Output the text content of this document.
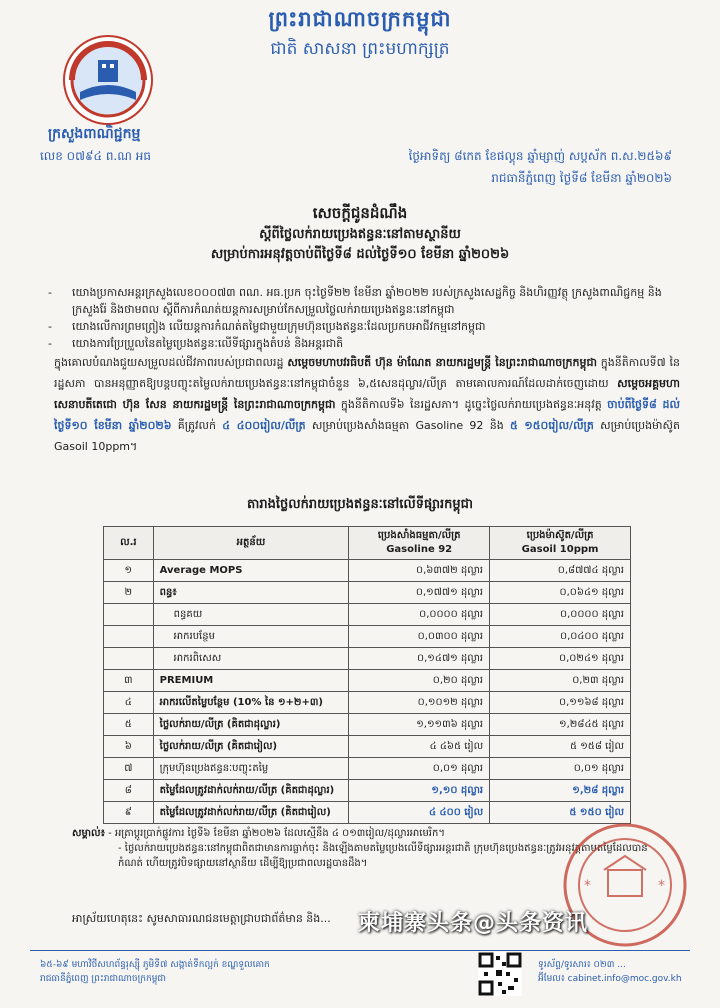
ព្រះរាជាណាចក្រកម្ពុជា
ជាតិ សាសនា ព្រះមហាក្សត្រ
ក្រសួងពាណិជ្ជកម្ម
លេខ ០៧៩៤ ព.ណ អធ	ថ្ងៃអាទិត្យ ៨កេត ខែផល្គុន ឆ្នាំម្សាញ់ សប្តស័ក ព.ស.២៥៦៩
រាជធានីភ្នំពេញ ថ្ងៃទី៨ ខែមីនា ឆ្នាំ២០២៦
សេចក្តីជូនដំណឹង
ស្តីពីថ្លៃលក់រាយប្រេងឥន្ធនៈនៅតាមស្ថានីយ
សម្រាប់ការអនុវត្តចាប់ពីថ្ងៃទី៨ ដល់ថ្ងៃទី១០ ខែមីនា ឆ្នាំ២០២៦
- យោងប្រកាសអន្តរក្រសួងលេខ០០០៧៣ ពណ. អធ.ប្រក ចុះថ្ងៃទី២២ ខែមីនា ឆ្នាំ២០២២ របស់ក្រសួងសេដ្ឋកិច្ច និងហិរញ្ញវត្ថុ ក្រសួងពាណិជ្ជកម្ម និងក្រសួងរ៉ែ និងថាមពល ស្តីពីការកំណត់យន្តការសម្រាប់កែសម្រួលថ្លៃលក់រាយប្រេងឥន្ធនៈនៅកម្ពុជា
- យោងលើការព្រមព្រៀង លើយន្តការកំណត់តម្លៃជាមួយក្រុមហ៊ុនប្រេងឥន្ធនៈដែលប្រកបអាជីវកម្មនៅកម្ពុជា
- យោងការប្រែប្រួលនៃតម្លៃប្រេងឥន្ធនៈលើទីផ្សារក្នុងតំបន់ និងអន្តរជាតិ
ក្នុងគោលបំណងជួយសម្រួលដល់ជីវភាពរបស់ប្រជាពលរដ្ឋ សម្តេចមហាបវរធិបតី ហ៊ុន ម៉ាណែត នាយករដ្ឋមន្ត្រី នៃព្រះរាជាណាចក្រកម្ពុជា ក្នុងនីតិកាលទី៧ នៃរដ្ឋសភា បានអនុញ្ញាតឱ្យបន្តបញ្ចុះតម្លៃលក់រាយប្រេងឥន្ធនៈនៅកម្ពុជាចំនួន ៦,៥សេនដុល្លារ/លីត្រ តាមគោលការណ៍ដែលដាក់ចេញដោយ សម្តេចអគ្គមហាសេនាបតីតេជោ ហ៊ុន សែន នាយករដ្ឋមន្ត្រី នៃព្រះរាជាណាចក្រកម្ពុជា ក្នុងនីតិកាលទី៦ នៃរដ្ឋសភា។ ដូច្នេះថ្លៃលក់រាយប្រេងឥន្ធនៈអនុវត្ត ចាប់ពីថ្ងៃទី៨ ដល់ថ្ងៃទី១០ ខែមីនា ឆ្នាំ២០២៦ គឺត្រូវលក់ ៤ ៤០០រៀល/លីត្រ សម្រាប់ប្រេងសាំងធម្មតា Gasoline 92 និង ៥ ១៥០រៀល/លីត្រ សម្រាប់ប្រេងម៉ាស៊ូត Gasoil 10ppm។
តារាងថ្លៃលក់រាយប្រេងឥន្ធនៈនៅលើទីផ្សារកម្ពុជា
ល.រ	អត្ថន័យ	ប្រេងសាំងធម្មតា/លីត្រ
Gasoline 92	ប្រេងម៉ាស៊ូត/លីត្រ
Gasoil 10ppm
១	Average MOPS	០,៦៣៧២ ដុល្លារ	០,៨៧៧៤ ដុល្លារ
២	ពន្ធ៖	០,១៧៧១ ដុល្លារ	០,០៦៤១ ដុល្លារ
	ពន្ធគយ	០,០០០០ ដុល្លារ	០,០០០០ ដុល្លារ
	អាករបន្ថែម	០,០៣០០ ដុល្លារ	០,០៤០០ ដុល្លារ
	អាករពិសេស	០,១៤៧១ ដុល្លារ	០,០២៤១ ដុល្លារ
៣	PREMIUM	០,២០ ដុល្លារ	០,២៣ ដុល្លារ
៤	អាករលើតម្លៃបន្ថែម (10% នៃ ១+២+៣)	០,១០១២ ដុល្លារ	០,១១៦៨ ដុល្លារ
៥	ថ្លៃលក់រាយ/លីត្រ (គិតជាដុល្លារ)	១,១១៣៦ ដុល្លារ	១,២៨៤៥ ដុល្លារ
៦	ថ្លៃលក់រាយ/លីត្រ (គិតជារៀល)	៤ ៤៦៥ រៀល	៥ ១៥៨ រៀល
៧	ក្រុមហ៊ុនប្រេងឥន្ធនៈបញ្ចុះតម្លៃ	០,០១ ដុល្លារ	០,០១ ដុល្លារ
៨	តម្លៃដែលត្រូវដាក់លក់រាយ/លីត្រ (គិតជាដុល្លារ)	១,១០ ដុល្លារ	១,២៨ ដុល្លារ
៩	តម្លៃដែលត្រូវដាក់លក់រាយ/លីត្រ (គិតជារៀល)	៤ ៤០០ រៀល	៥ ១៥០ រៀល
សម្គាល់៖ - អត្រាប្តូរប្រាក់ផ្លូវការ ថ្ងៃទី៦ ខែមីនា ឆ្នាំ២០២៦ ដែលស្មើនឹង ៤ ០១៣រៀល/ដុល្លារអាមេរិក។
- ថ្លៃលក់រាយប្រេងឥន្ធនៈនៅកម្ពុជាពិតជាមានការធ្លាក់ចុះ និងឡើងតាមតម្លៃប្រេងលើទីផ្សារអន្តរជាតិ ក្រុមហ៊ុនប្រេងឥន្ធនៈត្រូវអនុវត្តតាមតម្លៃដែលបានកំណត់ ហើយត្រូវបិទផ្សាយនៅស្ថានីយ ដើម្បីឱ្យប្រជាពលរដ្ឋបានដឹង។
អាស្រ័យហេតុនេះ សូមសាធារណជនមេត្តាជ្រាបជាព័ត៌មាន និង...
*	*
柬埔寨头条@头条资讯
៦៥-៦៩ មហាវិថីសហព័ន្ធរុស្ស៊ី ភូមិទី៧ សង្កាត់ទឹកល្អក់ ខណ្ឌទួលគោក
រាជធានីភ្នំពេញ ព្រះរាជាណាចក្រកម្ពុជា
ទូរស័ព្ទ/ទូរសារ៖ ០២៣ ...
អ៊ីមែល៖ cabinet.info@moc.gov.kh
